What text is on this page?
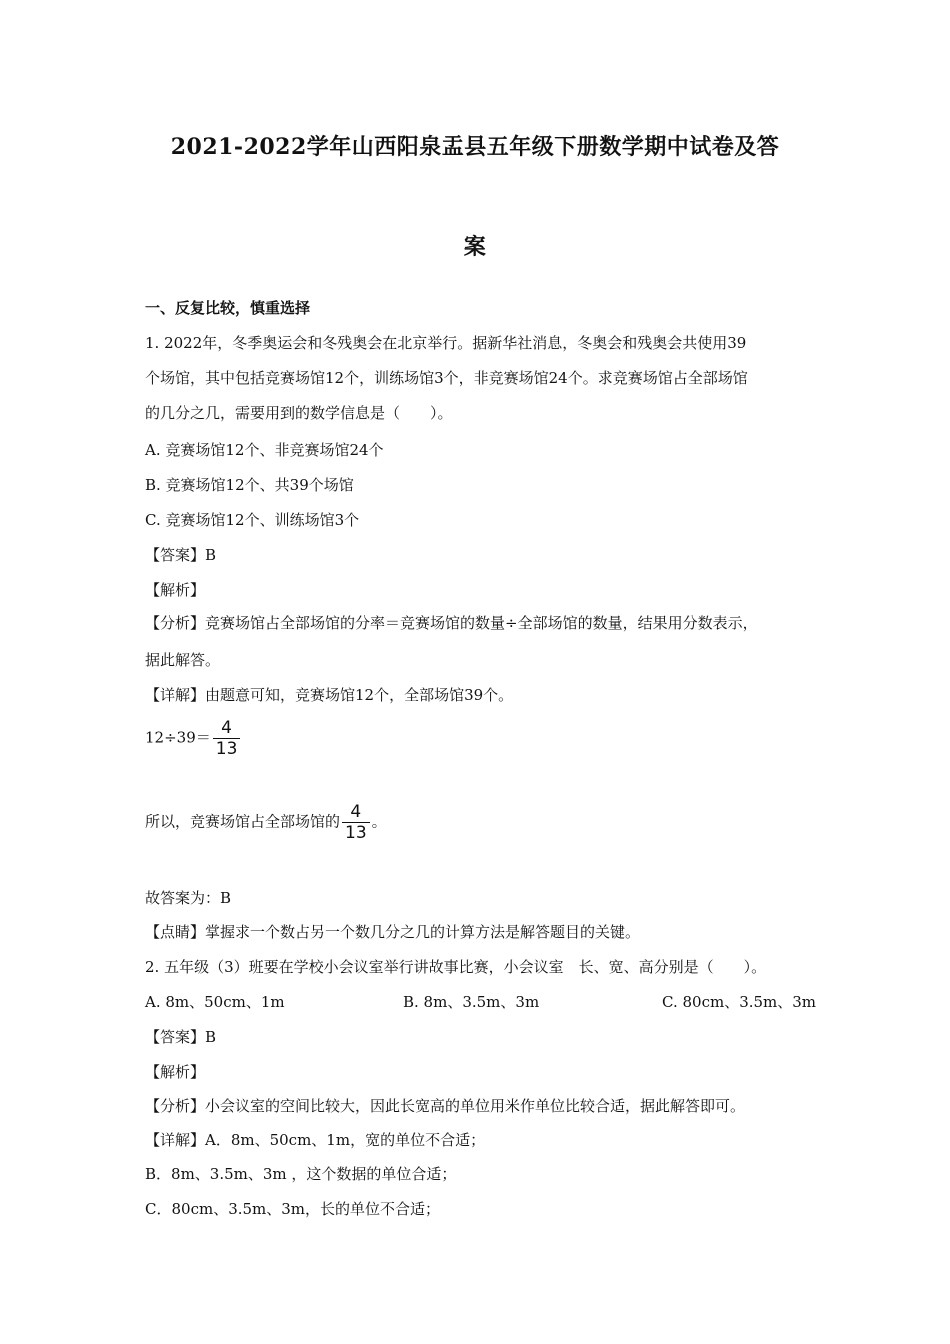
2021-2022学年山西阳泉盂县五年级下册数学期中试卷及答
案
一、反复比较，慎重选择
1. 2022年，冬季奥运会和冬残奥会在北京举行。据新华社消息，冬奥会和残奥会共使用39
个场馆，其中包括竞赛场馆12个，训练场馆3个，非竞赛场馆24个。求竞赛场馆占全部场馆
的几分之几，需要用到的数学信息是（　　）。
A. 竞赛场馆12个、非竞赛场馆24个
B. 竞赛场馆12个、共39个场馆
C. 竞赛场馆12个、训练场馆3个
【答案】B
【解析】
【分析】竞赛场馆占全部场馆的分率＝竞赛场馆的数量÷全部场馆的数量，结果用分数表示，
据此解答。
【详解】由题意可知，竞赛场馆12个，全部场馆39个。
$12\div 39= \frac{4}{13}$
所以，竞赛场馆占全部场馆的 $\frac{4}{13}$ 。
故答案为：B
【点睛】掌握求一个数占另一个数几分之几的计算方法是解答题目的关键。
2. 五年级（3）班要在学校小会议室举行讲故事比赛，小会议室　长、宽、高分别是（　　）。
A. 8m、50cm、1m	B. 8m、3.5m、3m	C. 80cm、3.5m、3m
【答案】B
【解析】
【分析】小会议室的空间比较大，因此长宽高的单位用米作单位比较合适，据此解答即可。
【详解】A．8m、50cm、1m，宽的单位不合适；
B．8m、3.5m、3m ，这个数据的单位合适；
C．80cm、3.5m、3m，长的单位不合适；
